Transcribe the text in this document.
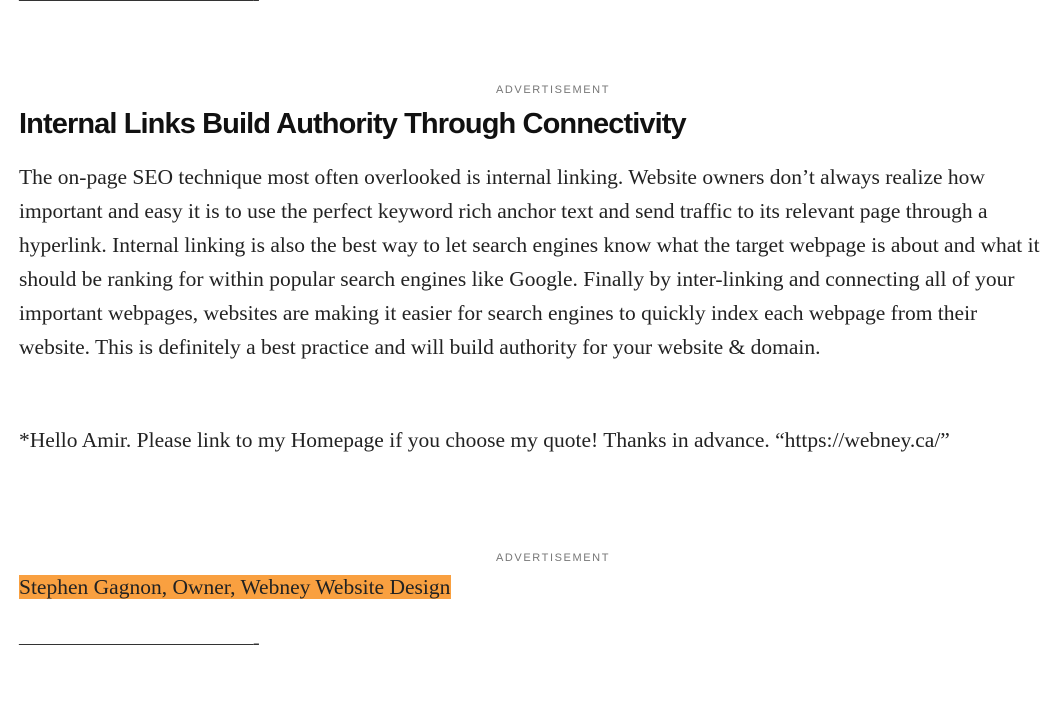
ADVERTISEMENT
Internal Links Build Authority Through Connectivity

The on-page SEO technique most often overlooked is internal linking. Website owners don’t always realize how important and easy it is to use the perfect keyword rich anchor text and send traffic to its relevant page through a hyperlink. Internal linking is also the best way to let search engines know what the target webpage is about and what it should be ranking for within popular search engines like Google. Finally by inter-linking and connecting all of your important webpages, websites are making it easier for search engines to quickly index each webpage from their website. This is definitely a best practice and will build authority for your website & domain.

*Hello Amir. Please link to my Homepage if you choose my quote! Thanks in advance. “https://webney.ca/”

ADVERTISEMENT

Stephen Gagnon, Owner, Webney Website Design

————————————-
